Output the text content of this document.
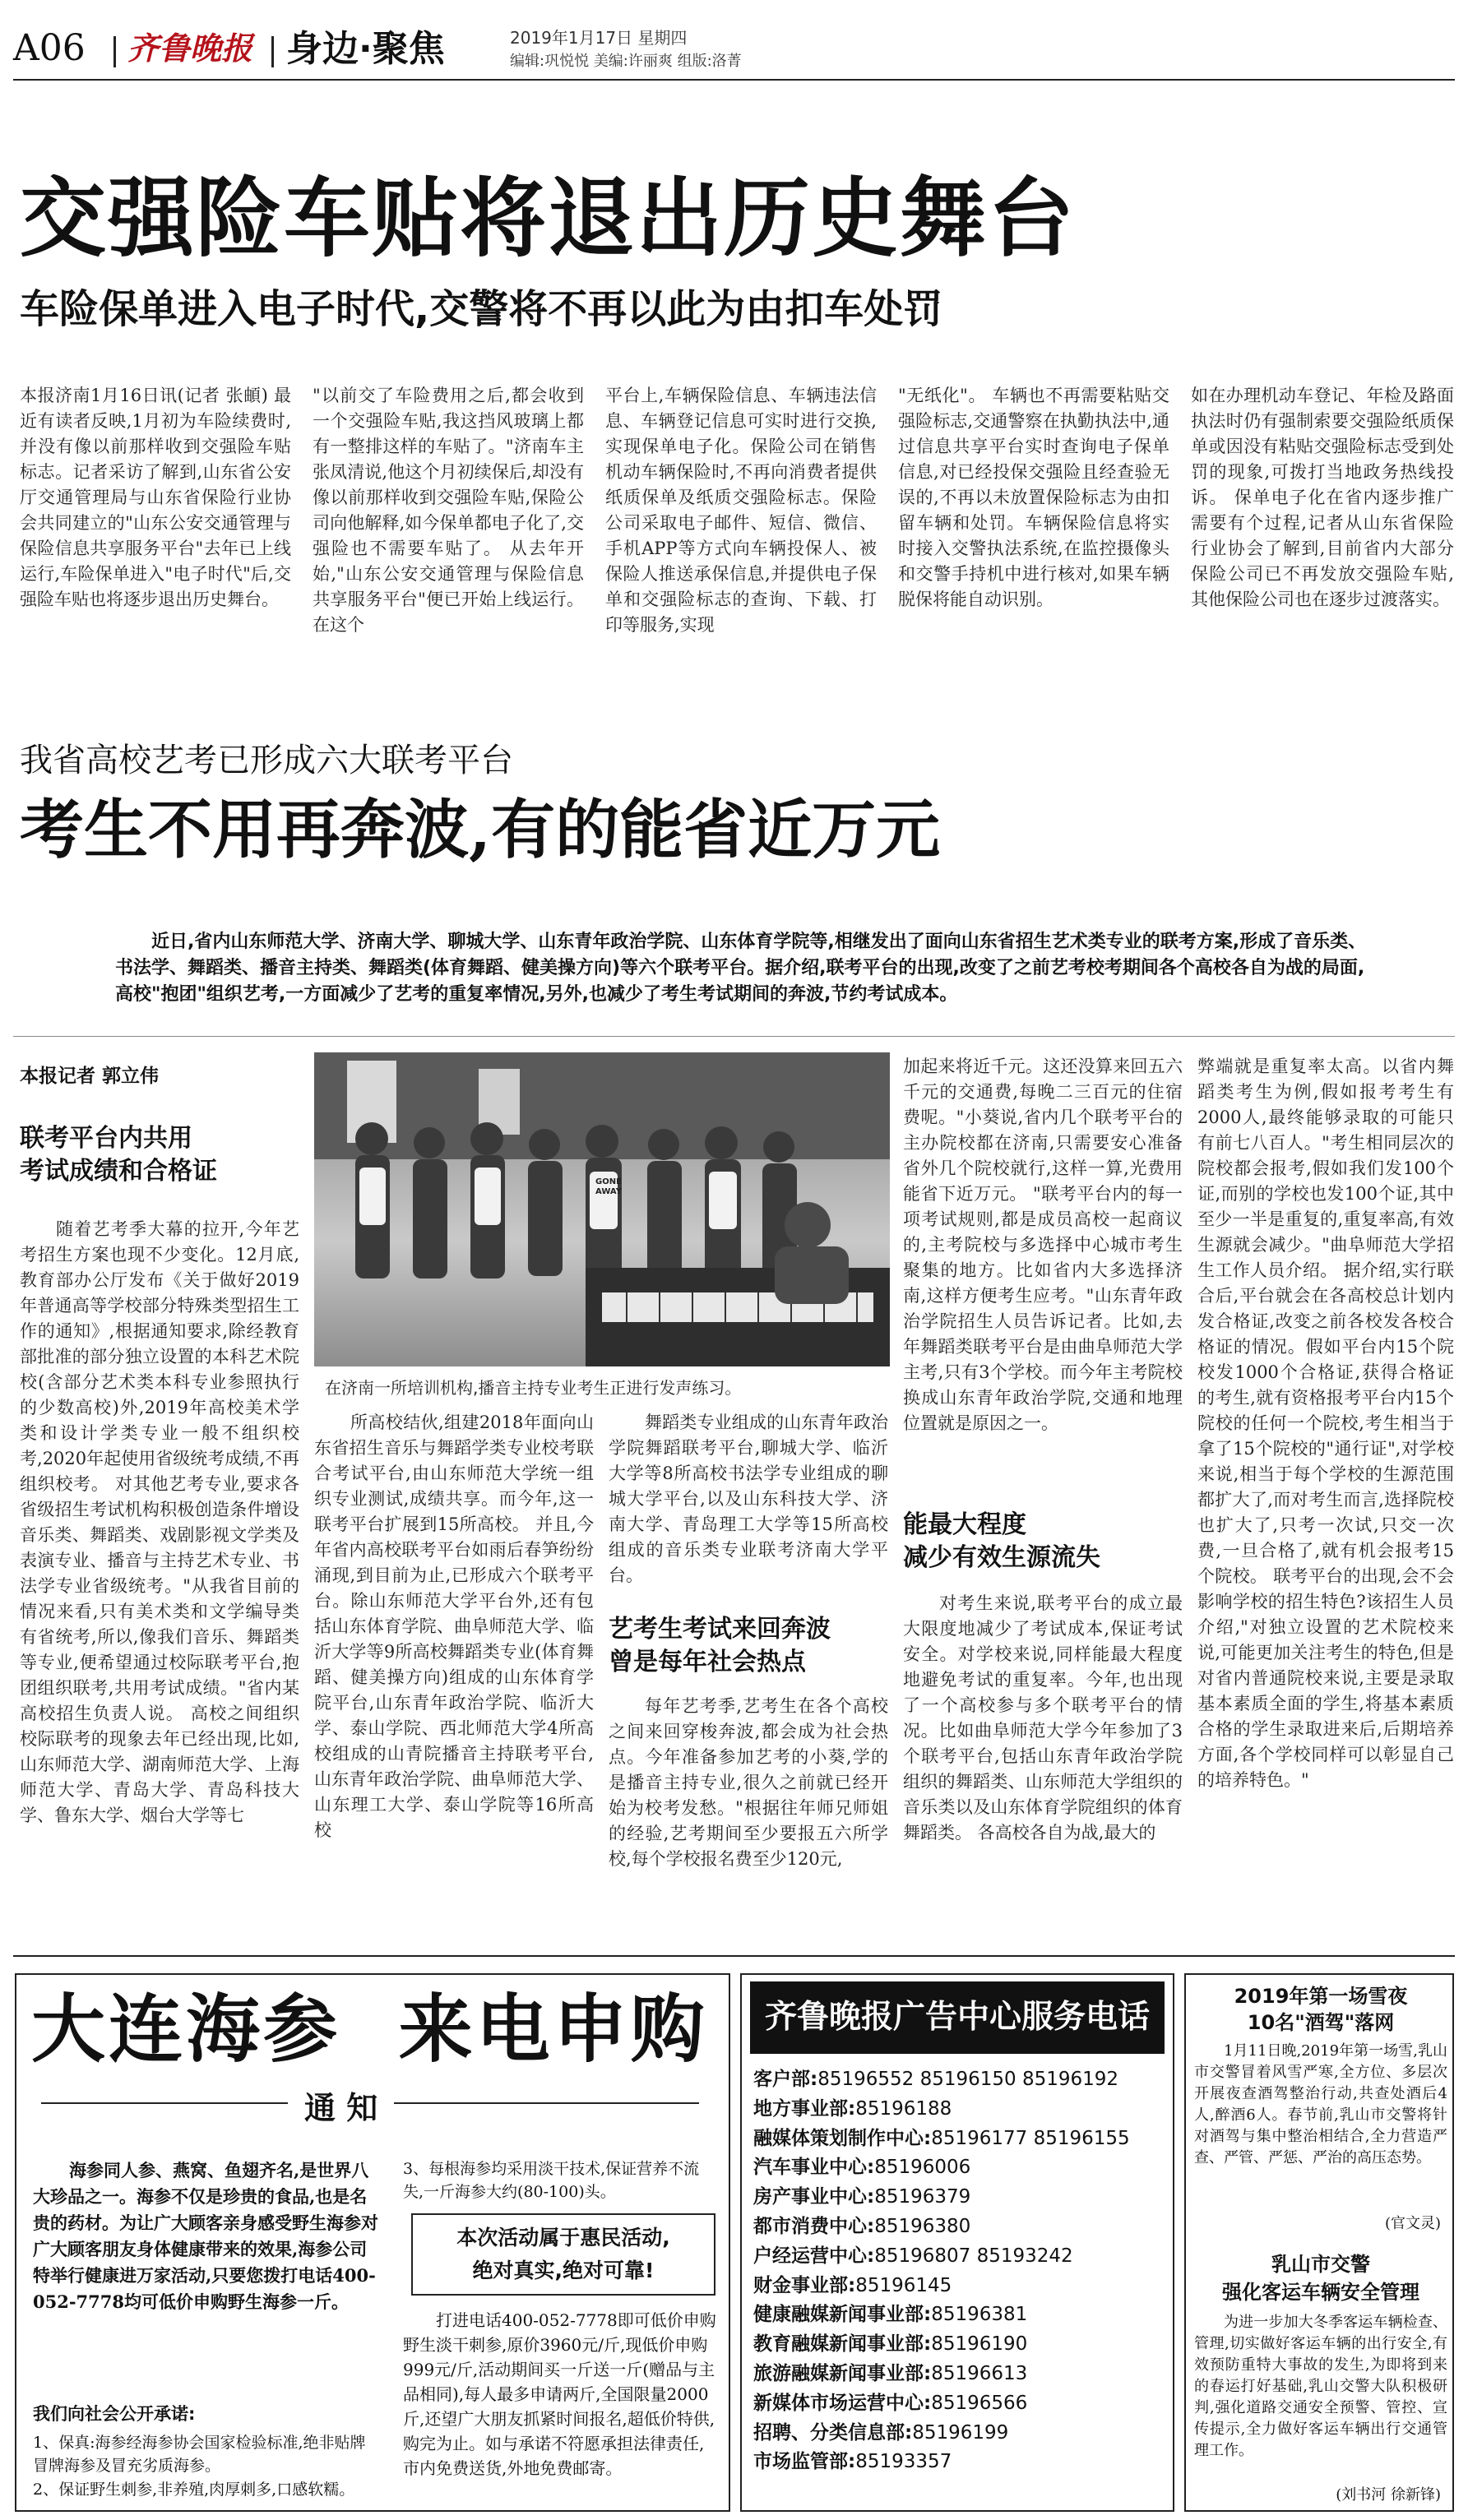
A06 齐鲁晚报 身边·聚焦	2019年1月17日 星期四
编辑:巩悦悦 美编:许丽爽 组版:洛菁
交强险车贴将退出历史舞台
车险保单进入电子时代,交警将不再以此为由扣车处罚
本报济南1月16日讯(记者 张頔) 最近有读者反映,1月初为车险续费时,并没有像以前那样收到交强险车贴标志。记者采访了解到,山东省公安厅交通管理局与山东省保险行业协会共同建立的"山东公安交通管理与保险信息共享服务平台"去年已上线运行,车险保单进入"电子时代"后,交强险车贴也将逐步退出历史舞台。
"以前交了车险费用之后,都会收到一个交强险车贴,我这挡风玻璃上都有一整排这样的车贴了。"济南车主张凤清说,他这个月初续保后,却没有像以前那样收到交强险车贴,保险公司向他解释,如今保单都电子化了,交强险也不需要车贴了。 从去年开始,"山东公安交通管理与保险信息共享服务平台"便已开始上线运行。在这个
平台上,车辆保险信息、车辆违法信息、车辆登记信息可实时进行交换,实现保单电子化。保险公司在销售机动车辆保险时,不再向消费者提供纸质保单及纸质交强险标志。保险公司采取电子邮件、短信、微信、手机APP等方式向车辆投保人、被保险人推送承保信息,并提供电子保单和交强险标志的查询、下载、打印等服务,实现
"无纸化"。 车辆也不再需要粘贴交强险标志,交通警察在执勤执法中,通过信息共享平台实时查询电子保单信息,对已经投保交强险且经查验无误的,不再以未放置保险标志为由扣留车辆和处罚。车辆保险信息将实时接入交警执法系统,在监控摄像头和交警手持机中进行核对,如果车辆脱保将能自动识别。
如在办理机动车登记、年检及路面执法时仍有强制索要交强险纸质保单或因没有粘贴交强险标志受到处罚的现象,可拨打当地政务热线投诉。 保单电子化在省内逐步推广需要有个过程,记者从山东省保险行业协会了解到,目前省内大部分保险公司已不再发放交强险车贴,其他保险公司也在逐步过渡落实。
我省高校艺考已形成六大联考平台
考生不用再奔波,有的能省近万元
近日,省内山东师范大学、济南大学、聊城大学、山东青年政治学院、山东体育学院等,相继发出了面向山东省招生艺术类专业的联考方案,形成了音乐类、书法学、舞蹈类、播音主持类、舞蹈类(体育舞蹈、健美操方向)等六个联考平台。据介绍,联考平台的出现,改变了之前艺考校考期间各个高校各自为战的局面,高校"抱团"组织艺考,一方面减少了艺考的重复率情况,另外,也减少了考生考试期间的奔波,节约考试成本。
本报记者 郭立伟
联考平台内共用
考试成绩和合格证
随着艺考季大幕的拉开,今年艺考招生方案也现不少变化。12月底,教育部办公厅发布《关于做好2019年普通高等学校部分特殊类型招生工作的通知》,根据通知要求,除经教育部批准的部分独立设置的本科艺术院校(含部分艺术类本科专业参照执行的少数高校)外,2019年高校美术学类和设计学类专业一般不组织校考,2020年起使用省级统考成绩,不再组织校考。 对其他艺考专业,要求各省级招生考试机构积极创造条件增设音乐类、舞蹈类、戏剧影视文学类及表演专业、播音与主持艺术专业、书法学专业省级统考。"从我省目前的情况来看,只有美术类和文学编导类有省统考,所以,像我们音乐、舞蹈类等专业,便希望通过校际联考平台,抱团组织联考,共用考试成绩。"省内某高校招生负责人说。 高校之间组织校际联考的现象去年已经出现,比如,山东师范大学、湖南师范大学、上海师范大学、青岛大学、青岛科技大学、鲁东大学、烟台大学等七
GONE AWAY
在济南一所培训机构,播音主持专业考生正进行发声练习。
所高校结伙,组建2018年面向山东省招生音乐与舞蹈学类专业校考联合考试平台,由山东师范大学统一组织专业测试,成绩共享。而今年,这一联考平台扩展到15所高校。 并且,今年省内高校联考平台如雨后春笋纷纷涌现,到目前为止,已形成六个联考平台。除山东师范大学平台外,还有包括山东体育学院、曲阜师范大学、临沂大学等9所高校舞蹈类专业(体育舞蹈、健美操方向)组成的山东体育学院平台,山东青年政治学院、临沂大学、泰山学院、西北师范大学4所高校组成的山青院播音主持联考平台,山东青年政治学院、曲阜师范大学、山东理工大学、泰山学院等16所高校
舞蹈类专业组成的山东青年政治学院舞蹈联考平台,聊城大学、临沂大学等8所高校书法学专业组成的聊城大学平台,以及山东科技大学、济南大学、青岛理工大学等15所高校组成的音乐类专业联考济南大学平台。
艺考生考试来回奔波
曾是每年社会热点
每年艺考季,艺考生在各个高校之间来回穿梭奔波,都会成为社会热点。今年准备参加艺考的小葵,学的是播音主持专业,很久之前就已经开始为校考发愁。"根据往年师兄师姐的经验,艺考期间至少要报五六所学校,每个学校报名费至少120元,
加起来将近千元。这还没算来回五六千元的交通费,每晚二三百元的住宿费呢。"小葵说,省内几个联考平台的主办院校都在济南,只需要安心准备省外几个院校就行,这样一算,光费用能省下近万元。 "联考平台内的每一项考试规则,都是成员高校一起商议的,主考院校与多选择中心城市考生聚集的地方。比如省内大多选择济南,这样方便考生应考。"山东青年政治学院招生人员告诉记者。比如,去年舞蹈类联考平台是由曲阜师范大学主考,只有3个学校。而今年主考院校换成山东青年政治学院,交通和地理位置就是原因之一。
能最大程度
减少有效生源流失
对考生来说,联考平台的成立最大限度地减少了考试成本,保证考试安全。对学校来说,同样能最大程度地避免考试的重复率。今年,也出现了一个高校参与多个联考平台的情况。比如曲阜师范大学今年参加了3个联考平台,包括山东青年政治学院组织的舞蹈类、山东师范大学组织的音乐类以及山东体育学院组织的体育舞蹈类。 各高校各自为战,最大的
弊端就是重复率太高。以省内舞蹈类考生为例,假如报考考生有2000人,最终能够录取的可能只有前七八百人。"考生相同层次的院校都会报考,假如我们发100个证,而别的学校也发100个证,其中至少一半是重复的,重复率高,有效生源就会减少。"曲阜师范大学招生工作人员介绍。 据介绍,实行联合后,平台就会在各高校总计划内发合格证,改变之前各校发各校合格证的情况。假如平台内15个院校发1000个合格证,获得合格证的考生,就有资格报考平台内15个院校的任何一个院校,考生相当于拿了15个院校的"通行证",对学校来说,相当于每个学校的生源范围都扩大了,而对考生而言,选择院校也扩大了,只考一次试,只交一次费,一旦合格了,就有机会报考15个院校。 联考平台的出现,会不会影响学校的招生特色?该招生人员介绍,"对独立设置的艺术院校来说,可能更加关注考生的特色,但是对省内普通院校来说,主要是录取基本素质全面的学生,将基本素质合格的学生录取进来后,后期培养方面,各个学校同样可以彰显自己的培养特色。"
大连海参  来电申购
通 知
海参同人参、燕窝、鱼翅齐名,是世界八大珍品之一。海参不仅是珍贵的食品,也是名贵的药材。为让广大顾客亲身感受野生海参对广大顾客朋友身体健康带来的效果,海参公司特举行健康进万家活动,只要您拨打电话400-052-7778均可低价申购野生海参一斤。
我们向社会公开承诺:
1、保真:海参经海参协会国家检验标准,绝非贴牌冒牌海参及冒充劣质海参。
2、保证野生刺参,非养殖,肉厚刺多,口感软糯。
3、每根海参均采用淡干技术,保证营养不流失,一斤海参大约(80-100)头。
本次活动属于惠民活动,
绝对真实,绝对可靠!
打进电话400-052-7778即可低价申购野生淡干刺参,原价3960元/斤,现低价申购999元/斤,活动期间买一斤送一斤(赠品与主品相同),每人最多申请两斤,全国限量2000斤,还望广大朋友抓紧时间报名,超低价特供,购完为止。如与承诺不符愿承担法律责任,市内免费送货,外地免费邮寄。
齐鲁晚报广告中心服务电话
客户部:85196552 85196150 85196192
地方事业部:85196188
融媒体策划制作中心:85196177 85196155
汽车事业中心:85196006
房产事业中心:85196379
都市消费中心:85196380
户经运营中心:85196807 85193242
财金事业部:85196145
健康融媒新闻事业部:85196381
教育融媒新闻事业部:85196190
旅游融媒新闻事业部:85196613
新媒体市场运营中心:85196566
招聘、分类信息部:85196199
市场监管部:85193357
2019年第一场雪夜
10名"酒驾"落网
1月11日晚,2019年第一场雪,乳山市交警冒着风雪严寒,全方位、多层次开展夜查酒驾整治行动,共查处酒后4人,醉酒6人。春节前,乳山市交警将针对酒驾与集中整治相结合,全力营造严查、严管、严惩、严治的高压态势。
(官文灵)
乳山市交警
强化客运车辆安全管理
为进一步加大冬季客运车辆检查、管理,切实做好客运车辆的出行安全,有效预防重特大事故的发生,为即将到来的春运打好基础,乳山交警大队积极研判,强化道路交通安全预警、管控、宣传提示,全力做好客运车辆出行交通管理工作。
(刘书河 徐新锋)
